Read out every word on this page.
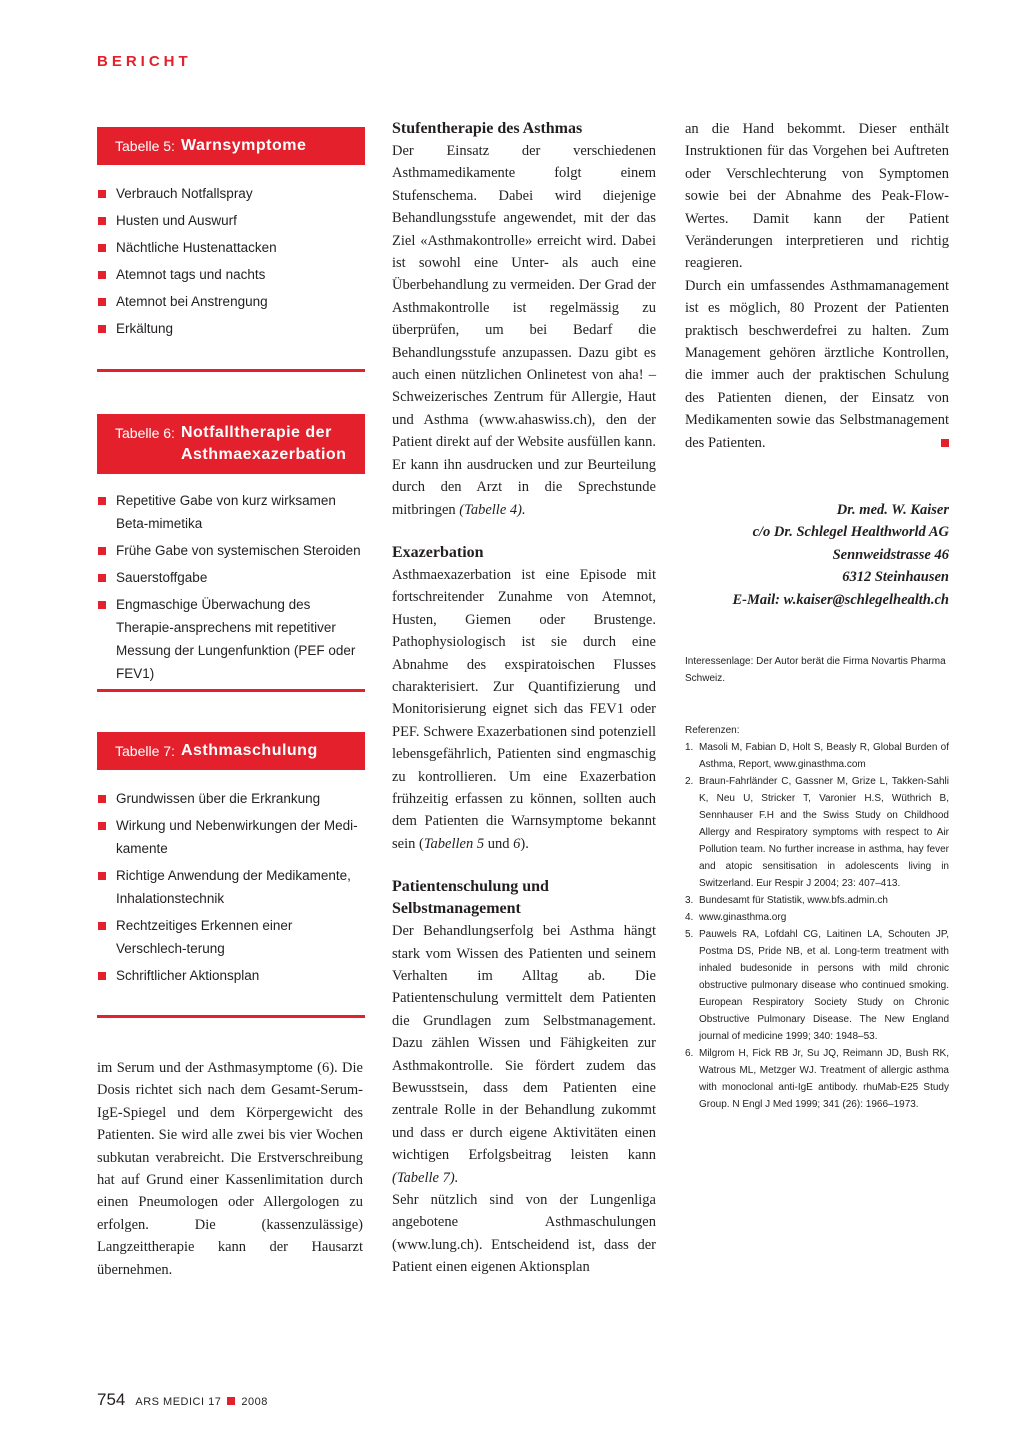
BERICHT
Tabelle 5: Warnsymptome
Verbrauch Notfallspray
Husten und Auswurf
Nächtliche Hustenattacken
Atemnot tags und nachts
Atemnot bei Anstrengung
Erkältung
Tabelle 6: Notfalltherapie der Asthmaexazerbation
Repetitive Gabe von kurz wirksamen Beta-mimetika
Frühe Gabe von systemischen Steroiden
Sauerstoffgabe
Engmaschige Überwachung des Therapie-ansprechens mit repetitiver Messung der Lungenfunktion (PEF oder FEV1)
Tabelle 7: Asthmaschulung
Grundwissen über die Erkrankung
Wirkung und Nebenwirkungen der Medi-kamente
Richtige Anwendung der Medikamente, Inhalationstechnik
Rechtzeitiges Erkennen einer Verschlech-terung
Schriftlicher Aktionsplan

im Serum und der Asthmasymptome (6). Die Dosis richtet sich nach dem Gesamt-Serum-IgE-Spiegel und dem Körpergewicht des Patienten. Sie wird alle zwei bis vier Wochen subkutan verabreicht. Die Erstverschreibung hat auf Grund einer Kassenlimitation durch einen Pneumologen oder Allergologen zu erfolgen. Die (kassenzulässige) Langzeittherapie kann der Hausarzt übernehmen.

Stufentherapie des Asthmas

Der Einsatz der verschiedenen Asthmamedikamente folgt einem Stufenschema. Dabei wird diejenige Behandlungsstufe angewendet, mit der das Ziel «Asthmakontrolle» erreicht wird. Dabei ist sowohl eine Unter- als auch eine Überbehandlung zu vermeiden. Der Grad der Asthmakontrolle ist regelmässig zu überprüfen, um bei Bedarf die Behandlungsstufe anzupassen. Dazu gibt es auch einen nützlichen Onlinetest von aha! – Schweizerisches Zentrum für Allergie, Haut und Asthma (www.ahaswiss.ch), den der Patient direkt auf der Website ausfüllen kann. Er kann ihn ausdrucken und zur Beurteilung durch den Arzt in die Sprechstunde mitbringen (Tabelle 4).

Exazerbation

Asthmaexazerbation ist eine Episode mit fortschreitender Zunahme von Atemnot, Husten, Giemen oder Brustenge. Pathophysiologisch ist sie durch eine Abnahme des exspiratoischen Flusses charakterisiert. Zur Quantifizierung und Monitorisierung eignet sich das FEV1 oder PEF. Schwere Exazerbationen sind potenziell lebensgefährlich, Patienten sind engmaschig zu kontrollieren. Um eine Exazerbation frühzeitig erfassen zu können, sollten auch dem Patienten die Warnsymptome bekannt sein (Tabellen 5 und 6).

Patientenschulung und Selbstmanagement

Der Behandlungserfolg bei Asthma hängt stark vom Wissen des Patienten und seinem Verhalten im Alltag ab. Die Patientenschulung vermittelt dem Patienten die Grundlagen zum Selbstmanagement. Dazu zählen Wissen und Fähigkeiten zur Asthmakontrolle. Sie fördert zudem das Bewusstsein, dass dem Patienten eine zentrale Rolle in der Behandlung zukommt und dass er durch eigene Aktivitäten einen wichtigen Erfolgsbeitrag leisten kann (Tabelle 7).

Sehr nützlich sind von der Lungenliga angebotene Asthmaschulungen (www.lung.ch). Entscheidend ist, dass der Patient einen eigenen Aktionsplan

an die Hand bekommt. Dieser enthält Instruktionen für das Vorgehen bei Auftreten oder Verschlechterung von Symptomen sowie bei der Abnahme des Peak-Flow-Wertes. Damit kann der Patient Veränderungen interpretieren und richtig reagieren.

Durch ein umfassendes Asthmamanagement ist es möglich, 80 Prozent der Patienten praktisch beschwerdefrei zu halten. Zum Management gehören ärztliche Kontrollen, die immer auch der praktischen Schulung des Patienten dienen, der Einsatz von Medikamenten sowie das Selbstmanagement des Patienten.

Dr. med. W. Kaiser
c/o Dr. Schlegel Healthworld AG
Sennweidstrasse 46
6312 Steinhausen
E-Mail: w.kaiser@schlegelhealth.ch
Interessenlage: Der Autor berät die Firma Novartis Pharma Schweiz.
Referenzen:
1. Masoli M, Fabian D, Holt S, Beasly R, Global Burden of Asthma, Report, www.ginasthma.com
2. Braun-Fahrländer C, Gassner M, Grize L, Takken-Sahli K, Neu U, Stricker T, Varonier H.S, Wüthrich B, Sennhauser F.H and the Swiss Study on Childhood Allergy and Respiratory symptoms with respect to Air Pollution team. No further increase in asthma, hay fever and atopic sensitisation in adolescents living in Switzerland. Eur Respir J 2004; 23: 407–413.
3. Bundesamt für Statistik, www.bfs.admin.ch
4. www.ginasthma.org
5. Pauwels RA, Lofdahl CG, Laitinen LA, Schouten JP, Postma DS, Pride NB, et al. Long-term treatment with inhaled budesonide in persons with mild chronic obstructive pulmonary disease who continued smoking. European Respiratory Society Study on Chronic Obstructive Pulmonary Disease. The New England journal of medicine 1999; 340: 1948–53.
6. Milgrom H, Fick RB Jr, Su JQ, Reimann JD, Bush RK, Watrous ML, Metzger WJ. Treatment of allergic asthma with monoclonal anti-IgE antibody. rhuMab-E25 Study Group. N Engl J Med 1999; 341 (26): 1966–1973.
754 ARS MEDICI 17 2008
